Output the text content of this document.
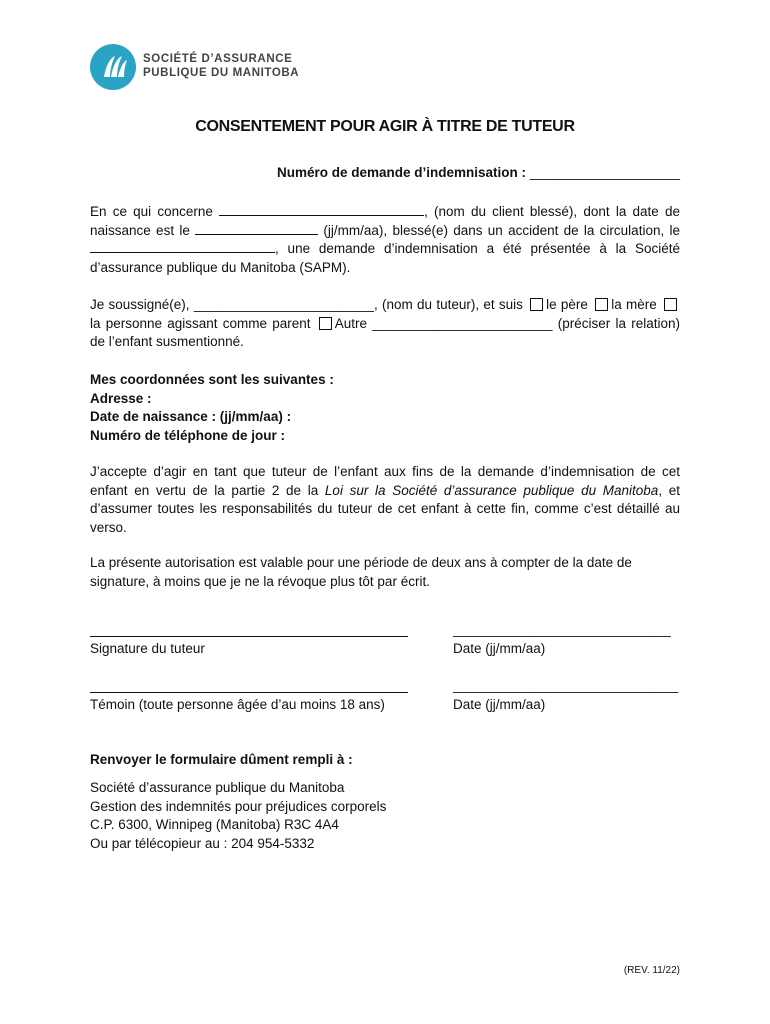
SOCIÉTÉ D’ASSURANCE
PUBLIQUE DU MANITOBA
CONSENTEMENT POUR AGIR À TITRE DE TUTEUR
Numéro de demande d’indemnisation : ____________________
En ce qui concerne	, (nom du client blessé), dont la date de naissance est le	(jj/mm/aa), blessé(e) dans un accident de la circulation, le , une demande d’indemnisation a été présentée à la Société d’assurance publique du Manitoba (SAPM).
Je soussigné(e), ________________________, (nom du tuteur), et suis le père la mère la personne agissant comme parent Autre ________________________ (préciser la relation) de l’enfant susmentionné.
Mes coordonnées sont les suivantes :
Adresse :
Date de naissance : (jj/mm/aa) :
Numéro de téléphone de jour :
J’accepte d’agir en tant que tuteur de l’enfant aux fins de la demande d’indemnisation de cet enfant en vertu de la partie 2 de la Loi sur la Société d’assurance publique du Manitoba, et d’assumer toutes les responsabilités du tuteur de cet enfant à cette fin, comme c’est détaillé au verso.
La présente autorisation est valable pour une période de deux ans à compter de la date de signature, à moins que je ne la révoque plus tôt par écrit.
Signature du tuteur
_____________________________
Date (jj/mm/aa)
Témoin (toute personne âgée d’au moins 18 ans)
______________________________
Date (jj/mm/aa)
Renvoyer le formulaire dûment rempli à :
Société d’assurance publique du Manitoba
Gestion des indemnités pour préjudices corporels
C.P. 6300, Winnipeg (Manitoba) R3C 4A4
Ou par télécopieur au : 204 954-5332
(REV. 11/22)
